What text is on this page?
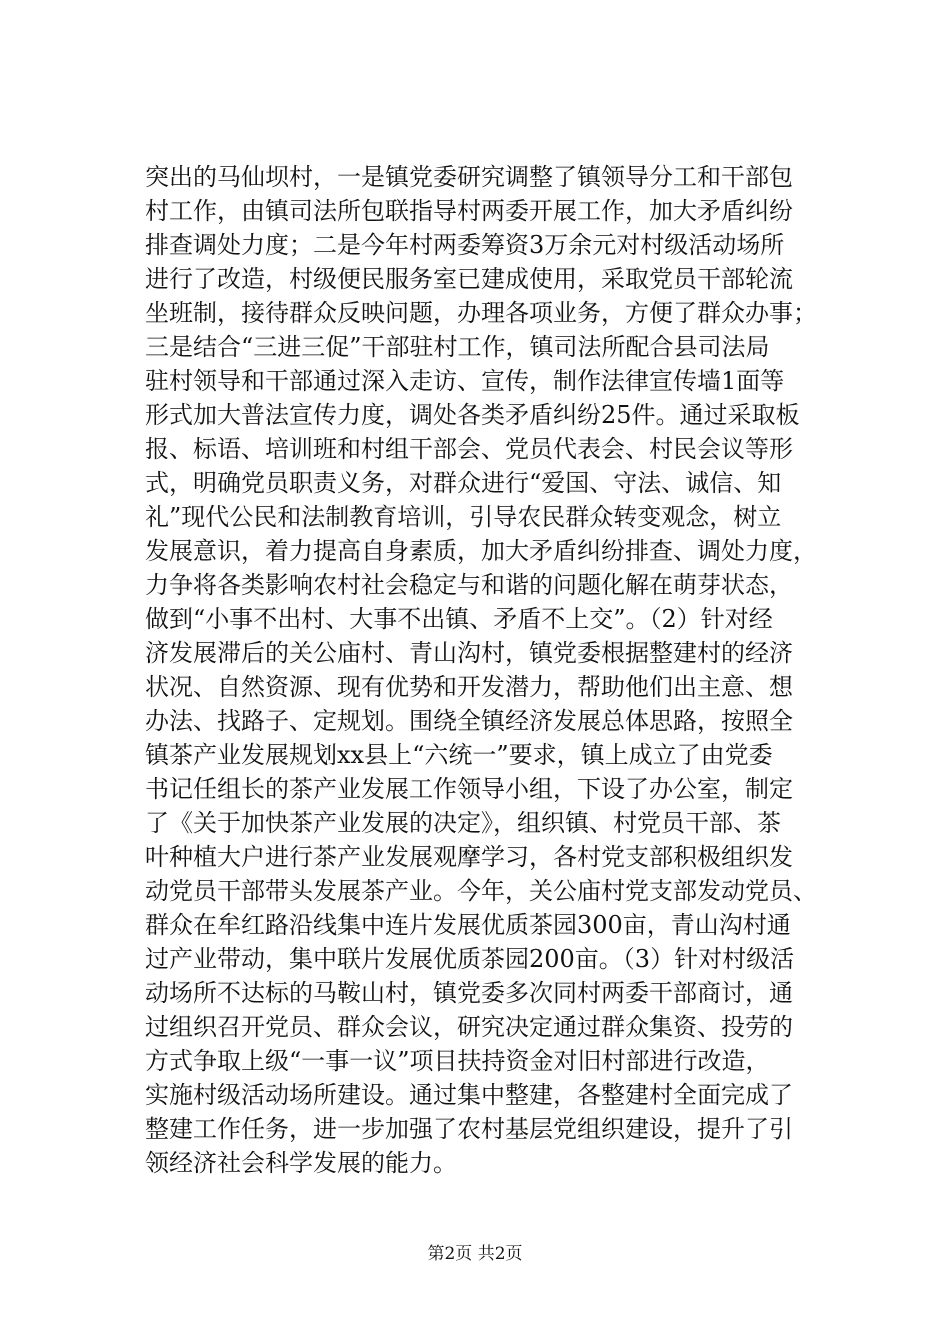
突出的马仙坝村，一是镇党委研究调整了镇领导分工和干部包
村工作，由镇司法所包联指导村两委开展工作，加大矛盾纠纷
排查调处力度；二是今年村两委筹资3万余元对村级活动场所
进行了改造，村级便民服务室已建成使用，采取党员干部轮流
坐班制，接待群众反映问题，办理各项业务，方便了群众办事；
三是结合“三进三促”干部驻村工作，镇司法所配合县司法局
驻村领导和干部通过深入走访、宣传，制作法律宣传墙1面等
形式加大普法宣传力度，调处各类矛盾纠纷25件。通过采取板
报、标语、培训班和村组干部会、党员代表会、村民会议等形
式，明确党员职责义务，对群众进行“爱国、守法、诚信、知
礼”现代公民和法制教育培训，引导农民群众转变观念，树立
发展意识，着力提高自身素质，加大矛盾纠纷排查、调处力度，
力争将各类影响农村社会稳定与和谐的问题化解在萌芽状态，
做到“小事不出村、大事不出镇、矛盾不上交”。（2）针对经
济发展滞后的关公庙村、青山沟村，镇党委根据整建村的经济
状况、自然资源、现有优势和开发潜力，帮助他们出主意、想
办法、找路子、定规划。围绕全镇经济发展总体思路，按照全
镇茶产业发展规划xx县上“六统一”要求，镇上成立了由党委
书记任组长的茶产业发展工作领导小组，下设了办公室，制定
了《关于加快茶产业发展的决定》，组织镇、村党员干部、茶
叶种植大户进行茶产业发展观摩学习，各村党支部积极组织发
动党员干部带头发展茶产业。今年，关公庙村党支部发动党员、
群众在牟红路沿线集中连片发展优质茶园300亩，青山沟村通
过产业带动，集中联片发展优质茶园200亩。（3）针对村级活
动场所不达标的马鞍山村，镇党委多次同村两委干部商讨，通
过组织召开党员、群众会议，研究决定通过群众集资、投劳的
方式争取上级“一事一议”项目扶持资金对旧村部进行改造，
实施村级活动场所建设。通过集中整建，各整建村全面完成了
整建工作任务，进一步加强了农村基层党组织建设，提升了引
领经济社会科学发展的能力。
第2页 共2页
